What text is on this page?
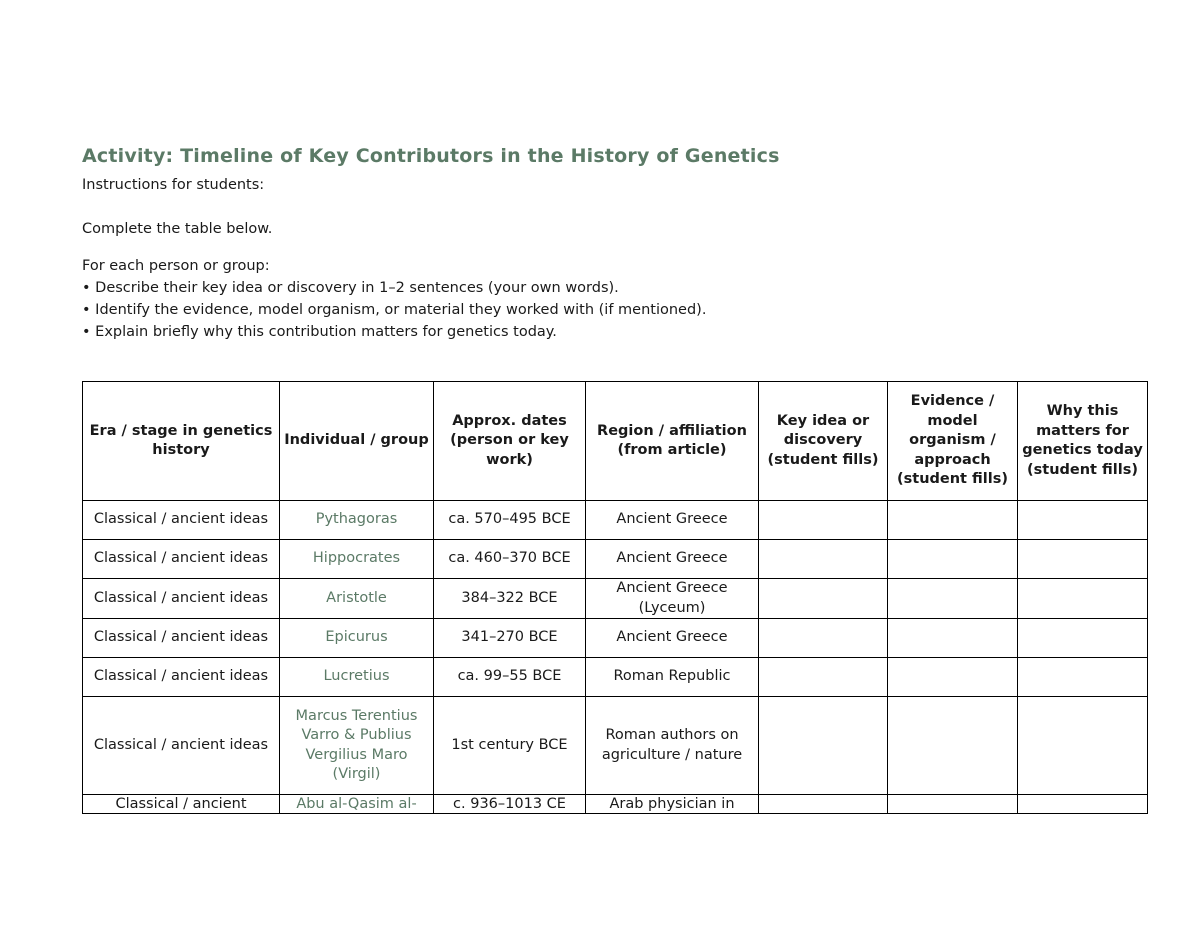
Activity: Timeline of Key Contributors in the History of Genetics
Instructions for students:
Complete the table below.
For each person or group:
• Describe their key idea or discovery in 1–2 sentences (your own words).
• Identify the evidence, model organism, or material they worked with (if mentioned).
• Explain briefly why this contribution matters for genetics today.
Era / stage in genetics history	Individual / group	Approx. dates (person or key work)	Region / affiliation (from article)	Key idea or discovery (student fills)	Evidence / model organism / approach (student fills)	Why this matters for genetics today (student fills)
Classical / ancient ideas	Pythagoras	ca. 570–495 BCE	Ancient Greece			
Classical / ancient ideas	Hippocrates	ca. 460–370 BCE	Ancient Greece			
Classical / ancient ideas	Aristotle	384–322 BCE	Ancient Greece (Lyceum)			
Classical / ancient ideas	Epicurus	341–270 BCE	Ancient Greece			
Classical / ancient ideas	Lucretius	ca. 99–55 BCE	Roman Republic			
Classical / ancient ideas	Marcus Terentius Varro & Publius Vergilius Maro (Virgil)	1st century BCE	Roman authors on agriculture / nature			
Classical / ancient	Abu al-Qasim al-	c. 936–1013 CE	Arab physician in			
